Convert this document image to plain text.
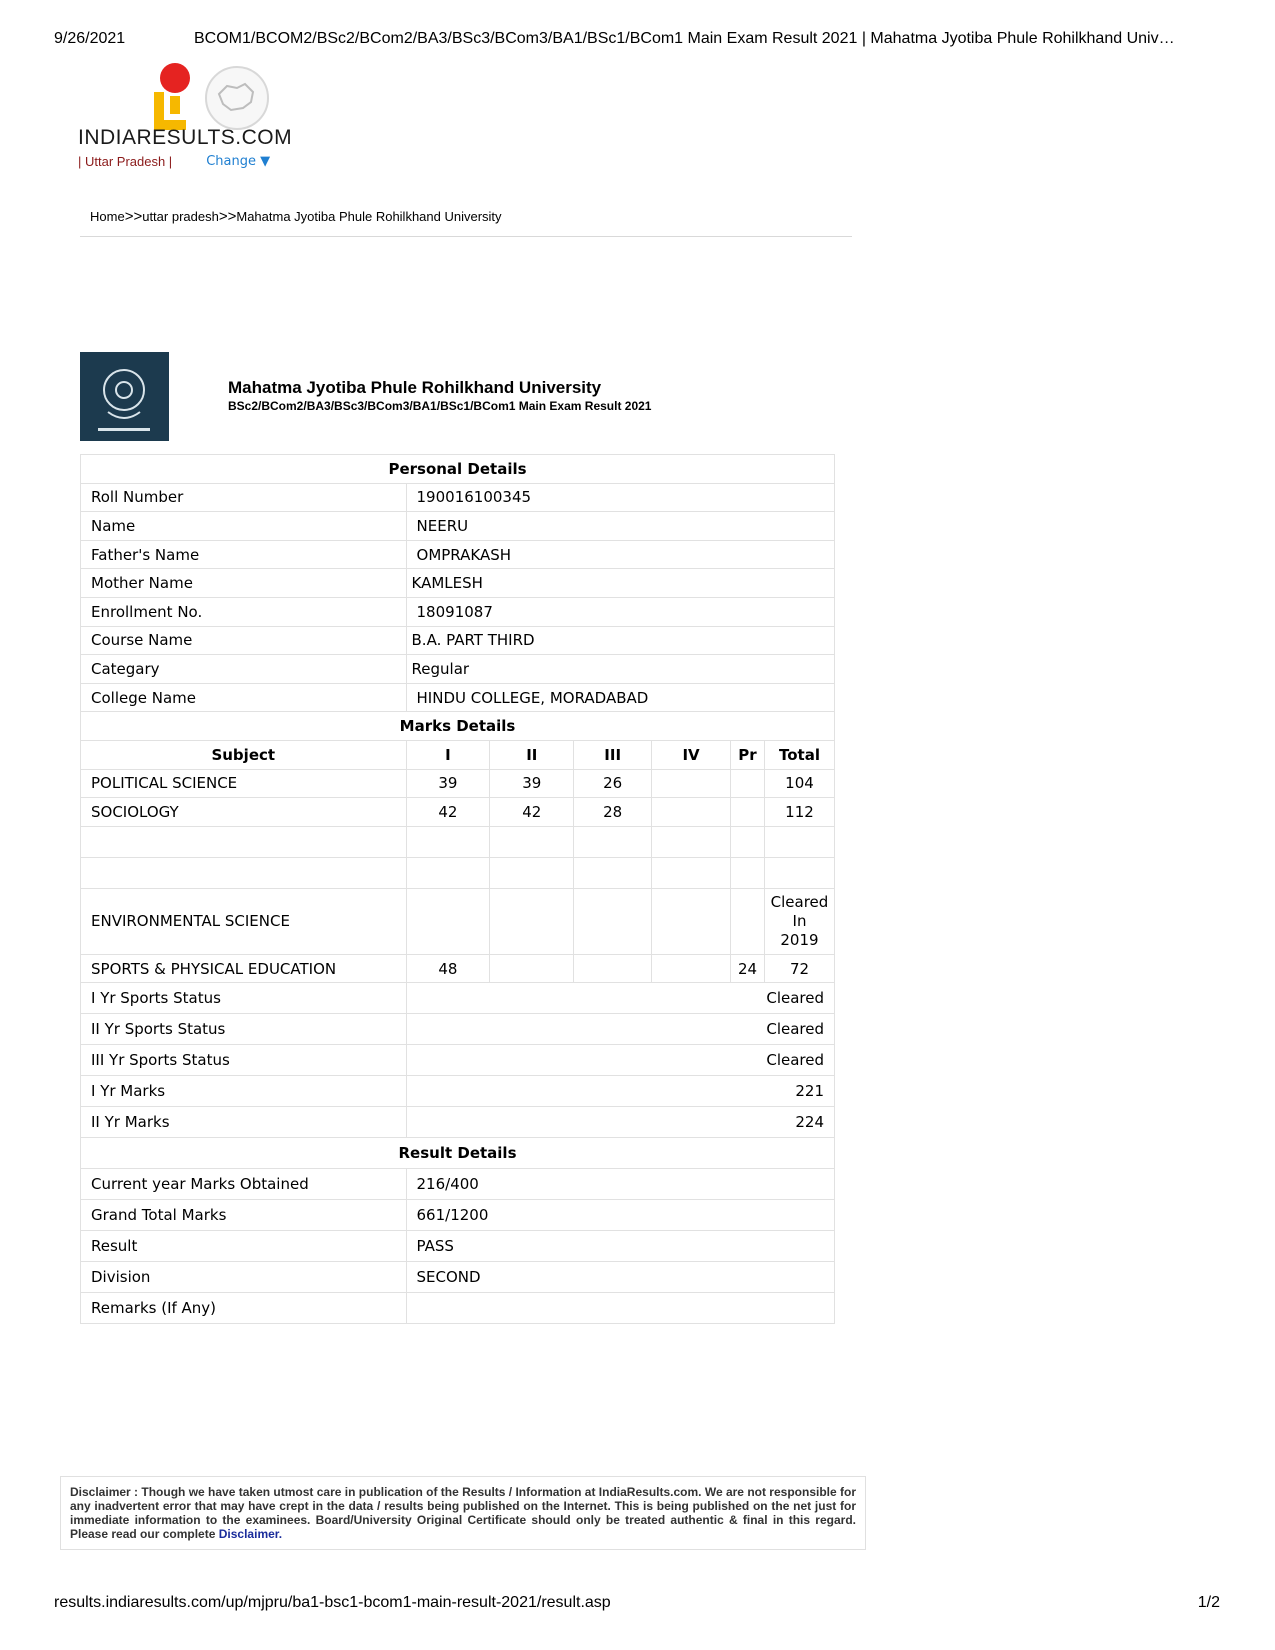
9/26/2021	BCOM1/BCOM2/BSc2/BCom2/BA3/BSc3/BCom3/BA1/BSc1/BCom1 Main Exam Result 2021 | Mahatma Jyotiba Phule Rohilkhand Univ…
INDIARESULTS.COM
| Uttar Pradesh |	Change ▼
Home>>uttar pradesh>>Mahatma Jyotiba Phule Rohilkhand University
Mahatma Jyotiba Phule Rohilkhand University
BSc2/BCom2/BA3/BSc3/BCom3/BA1/BSc1/BCom1 Main Exam Result 2021
Personal Details						
Roll Number	190016100345					
Name	NEERU					
Father's Name	OMPRAKASH					
Mother Name	KAMLESH					
Enrollment No.	18091087					
Course Name	B.A. PART THIRD					
Categary	Regular					
College Name	HINDU COLLEGE, MORADABAD					
Marks Details						
Subject	I	II	III	IV	Pr	Total
POLITICAL SCIENCE	39	39	26			104
SOCIOLOGY	42	42	28			112

ENVIRONMENTAL SCIENCE						Cleared
In
2019

SPORTS & PHYSICAL EDUCATION	48				24	72
I Yr Sports Status	Cleared					
II Yr Sports Status	Cleared					
III Yr Sports Status	Cleared					
I Yr Marks	221					
II Yr Marks	224					
Result Details						
Current year Marks Obtained	216/400					
Grand Total Marks	661/1200					
Result	PASS					
Division	SECOND					
Remarks (If Any)						
Disclaimer : Though we have taken utmost care in publication of the Results / Information at IndiaResults.com. We are not responsible for any inadvertent error that may have crept in the data / results being published on the Internet. This is being published on the net just for immediate information to the examinees. Board/University Original Certificate should only be treated authentic & final in this regard. Please read our complete Disclaimer.
results.indiaresults.com/up/mjpru/ba1-bsc1-bcom1-main-result-2021/result.asp	1/2
